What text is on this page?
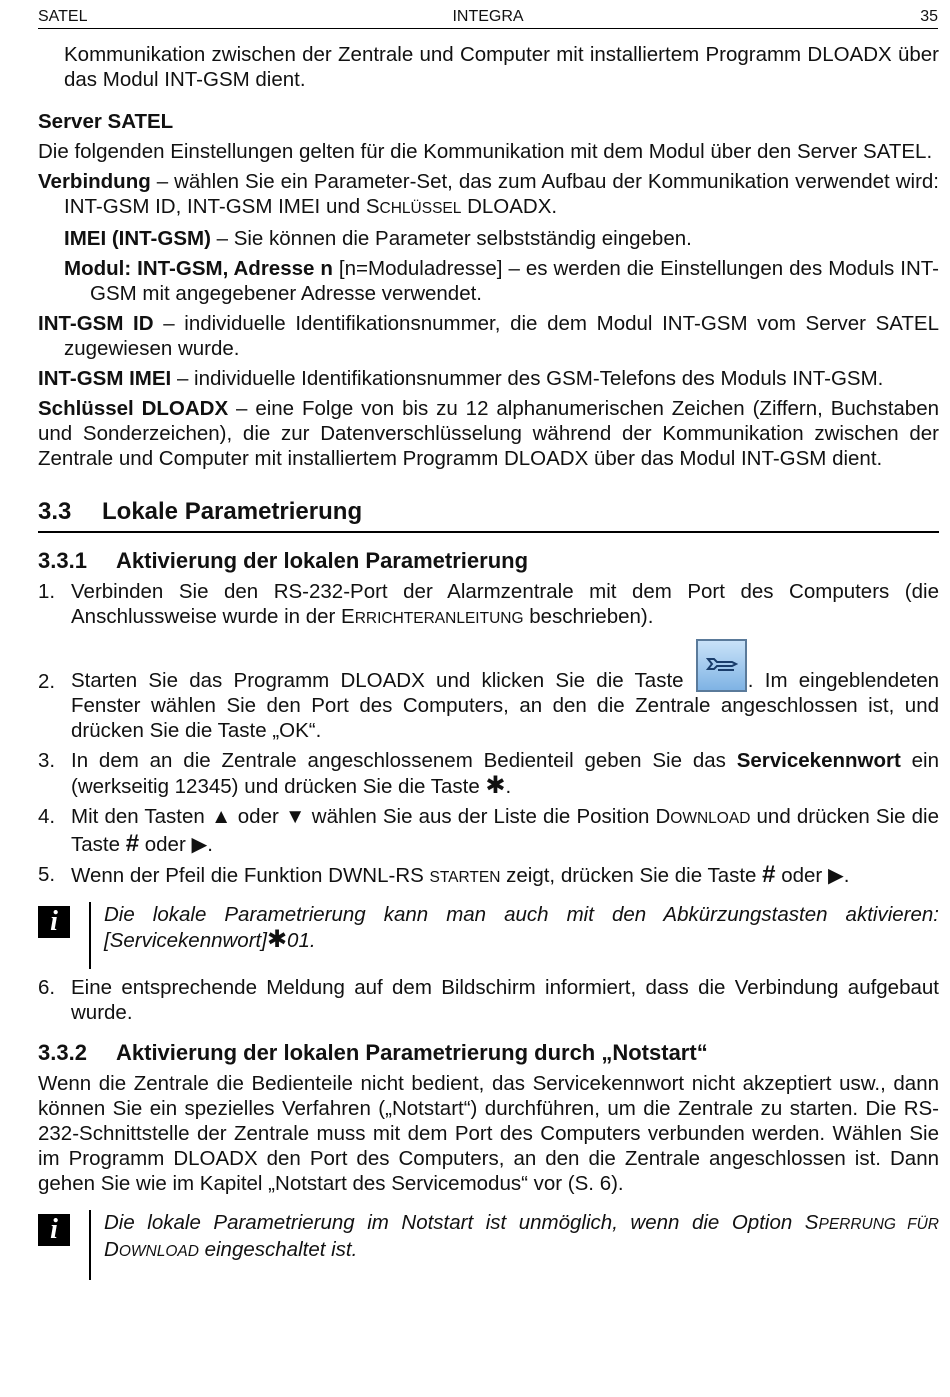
SATEL	INTEGRA	35

Kommunikation zwischen der Zentrale und Computer mit installiertem Programm DLOADX über das Modul INT-GSM dient.

Server SATEL

Die folgenden Einstellungen gelten für die Kommunikation mit dem Modul über den Server SATEL.

Verbindung – wählen Sie ein Parameter-Set, das zum Aufbau der Kommunikation verwendet wird: INT-GSM ID, INT-GSM IMEI und SCHLÜSSEL DLOADX.

IMEI (INT-GSM) – Sie können die Parameter selbstständig eingeben.

Modul: INT-GSM, Adresse n [n=Moduladresse] – es werden die Einstellungen des Moduls INT-GSM mit angegebener Adresse verwendet.

INT-GSM ID – individuelle Identifikationsnummer, die dem Modul INT-GSM vom Server SATEL zugewiesen wurde.

INT-GSM IMEI – individuelle Identifikationsnummer des GSM-Telefons des Moduls INT-GSM.

Schlüssel DLOADX – eine Folge von bis zu 12 alphanumerischen Zeichen (Ziffern, Buchstaben und Sonderzeichen), die zur Datenverschlüsselung während der Kommunikation zwischen der Zentrale und Computer mit installiertem Programm DLOADX über das Modul INT-GSM dient.

3.3 Lokale Parametrierung
3.3.1 Aktivierung der lokalen Parametrierung
1. Verbinden Sie den RS-232-Port der Alarmzentrale mit dem Port des Computers (die Anschlussweise wurde in der ERRICHTERANLEITUNG beschrieben).
2. Starten Sie das Programm DLOADX und klicken Sie die Taste	. Im eingeblendeten Fenster wählen Sie den Port des Computers, an den die Zentrale angeschlossen ist, und drücken Sie die Taste „OK“.
3. In dem an die Zentrale angeschlossenem Bedienteil geben Sie das Servicekennwort ein (werkseitig 12345) und drücken Sie die Taste ✱.
4. Mit den Tasten ▲ oder ▼ wählen Sie aus der Liste die Position DOWNLOAD und drücken Sie die Taste # oder ▶.
5. Wenn der Pfeil die Funktion DWNL-RS STARTEN zeigt, drücken Sie die Taste # oder ▶.
i	Die lokale Parametrierung kann man auch mit den Abkürzungstasten aktivieren: [Servicekennwort]✱01.
6. Eine entsprechende Meldung auf dem Bildschirm informiert, dass die Verbindung aufgebaut wurde.
3.3.2 Aktivierung der lokalen Parametrierung durch „Notstart“

Wenn die Zentrale die Bedienteile nicht bedient, das Servicekennwort nicht akzeptiert usw., dann können Sie ein spezielles Verfahren („Notstart“) durchführen, um die Zentrale zu starten. Die RS-232-Schnittstelle der Zentrale muss mit dem Port des Computers verbunden werden. Wählen Sie im Programm DLOADX den Port des Computers, an den die Zentrale angeschlossen ist. Dann gehen Sie wie im Kapitel „Notstart des Servicemodus“ vor (S. 6).

i	Die lokale Parametrierung im Notstart ist unmöglich, wenn die Option SPERRUNG FÜR DOWNLOAD eingeschaltet ist.
